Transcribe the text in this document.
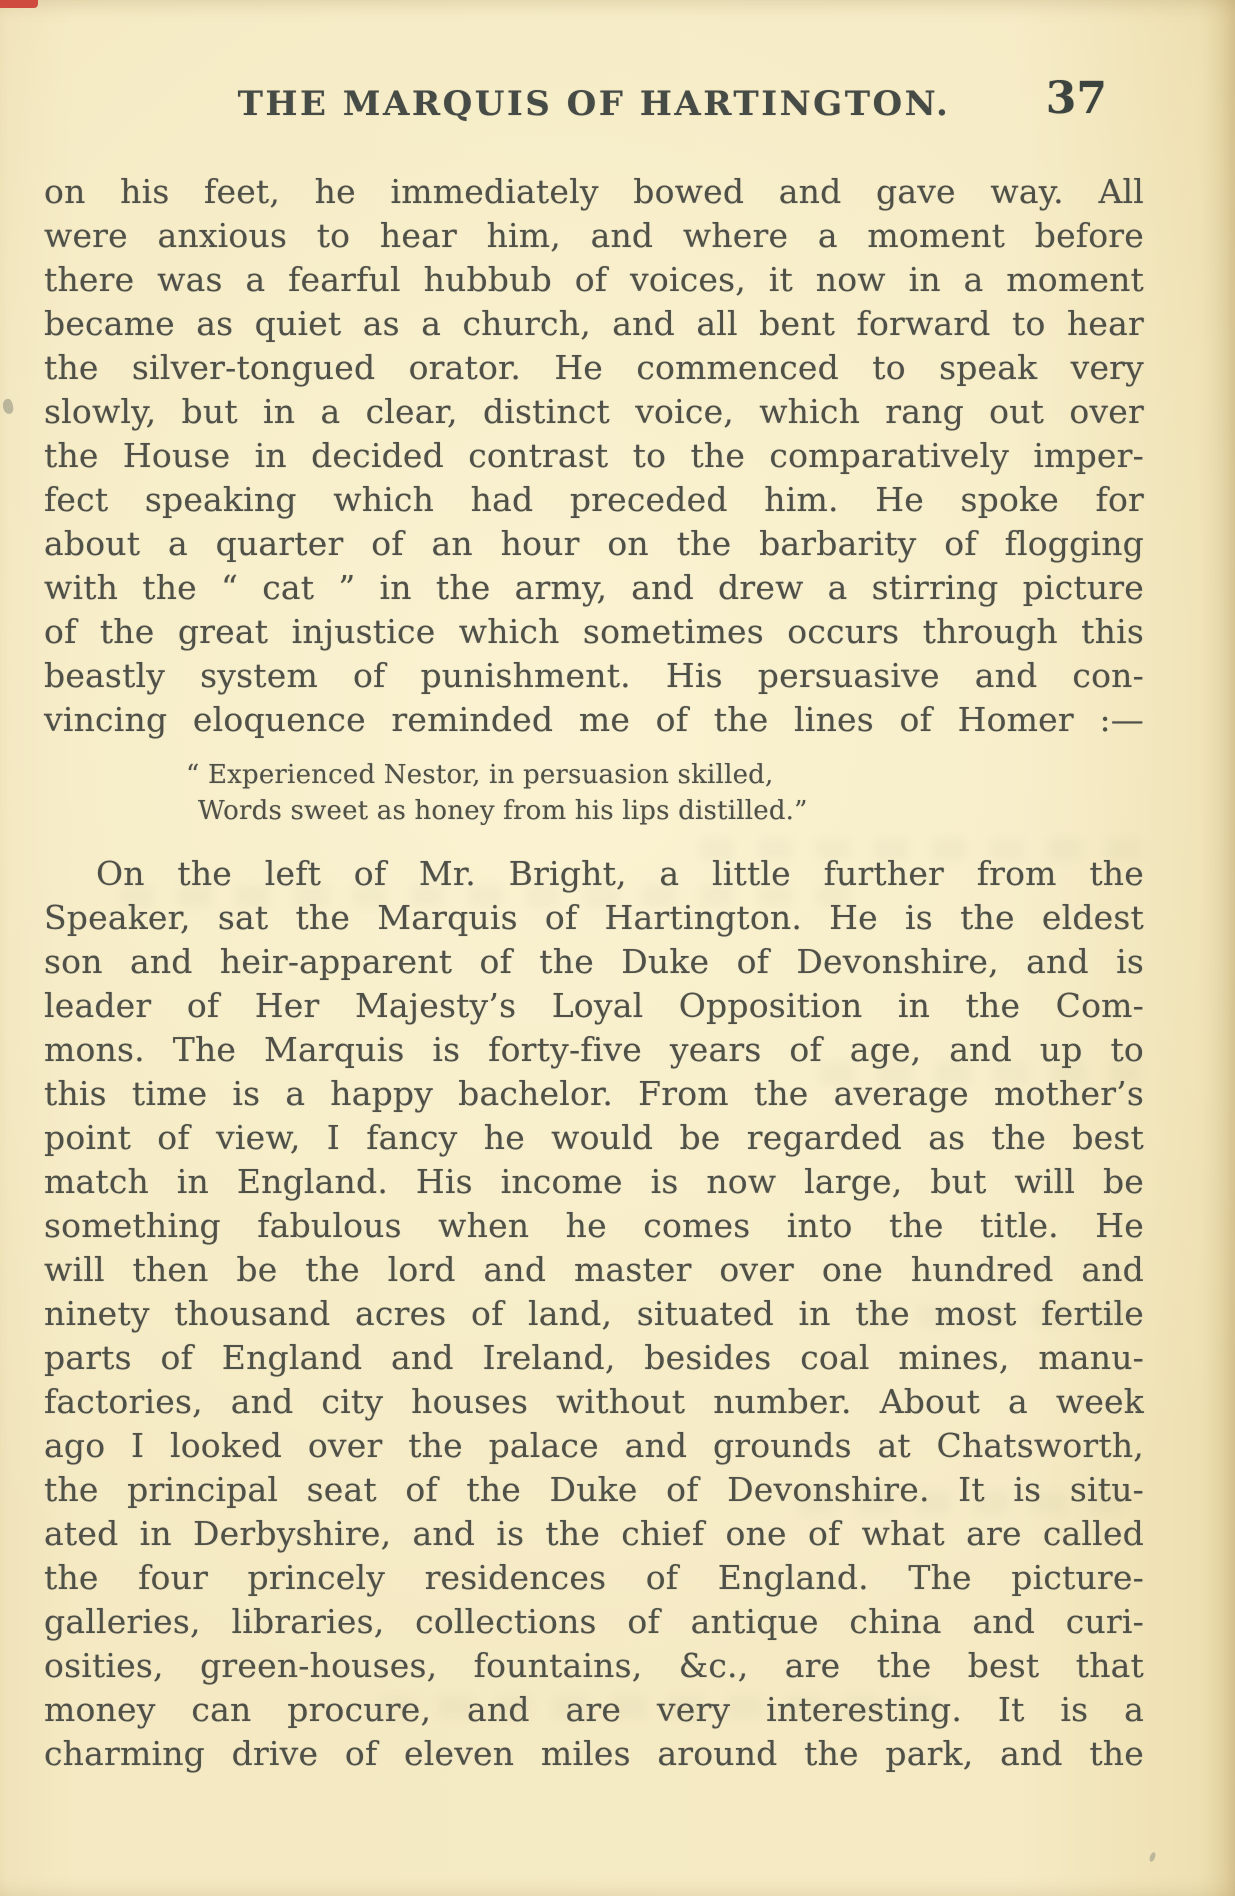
THE MARQUIS OF HARTINGTON.	37
on his feet, he immediately bowed and gave way. All
were anxious to hear him, and where a moment before
there was a fearful hubbub of voices, it now in a moment
became as quiet as a church, and all bent forward to hear
the silver-tongued orator. He commenced to speak very
slowly, but in a clear, distinct voice, which rang out over
the House in decided contrast to the comparatively imper-
fect speaking which had preceded him. He spoke for
about a quarter of an hour on the barbarity of flogging
with the “ cat ” in the army, and drew a stirring picture
of the great injustice which sometimes occurs through this
beastly system of punishment. His persuasive and con-
vincing eloquence reminded me of the lines of Homer :—
“ Experienced Nestor, in persuasion skilled,
Words sweet as honey from his lips distilled.”
On the left of Mr. Bright, a little further from the
Speaker, sat the Marquis of Hartington. He is the eldest
son and heir-apparent of the Duke of Devonshire, and is
leader of Her Majesty’s Loyal Opposition in the Com-
mons. The Marquis is forty-five years of age, and up to
this time is a happy bachelor. From the average mother’s
point of view, I fancy he would be regarded as the best
match in England. His income is now large, but will be
something fabulous when he comes into the title. He
will then be the lord and master over one hundred and
ninety thousand acres of land, situated in the most fertile
parts of England and Ireland, besides coal mines, manu-
factories, and city houses without number. About a week
ago I looked over the palace and grounds at Chatsworth,
the principal seat of the Duke of Devonshire. It is situ-
ated in Derbyshire, and is the chief one of what are called
the four princely residences of England. The picture-
galleries, libraries, collections of antique china and curi-
osities, green-houses, fountains, &c., are the best that
money can procure, and are very interesting. It is a
charming drive of eleven miles around the park, and the
